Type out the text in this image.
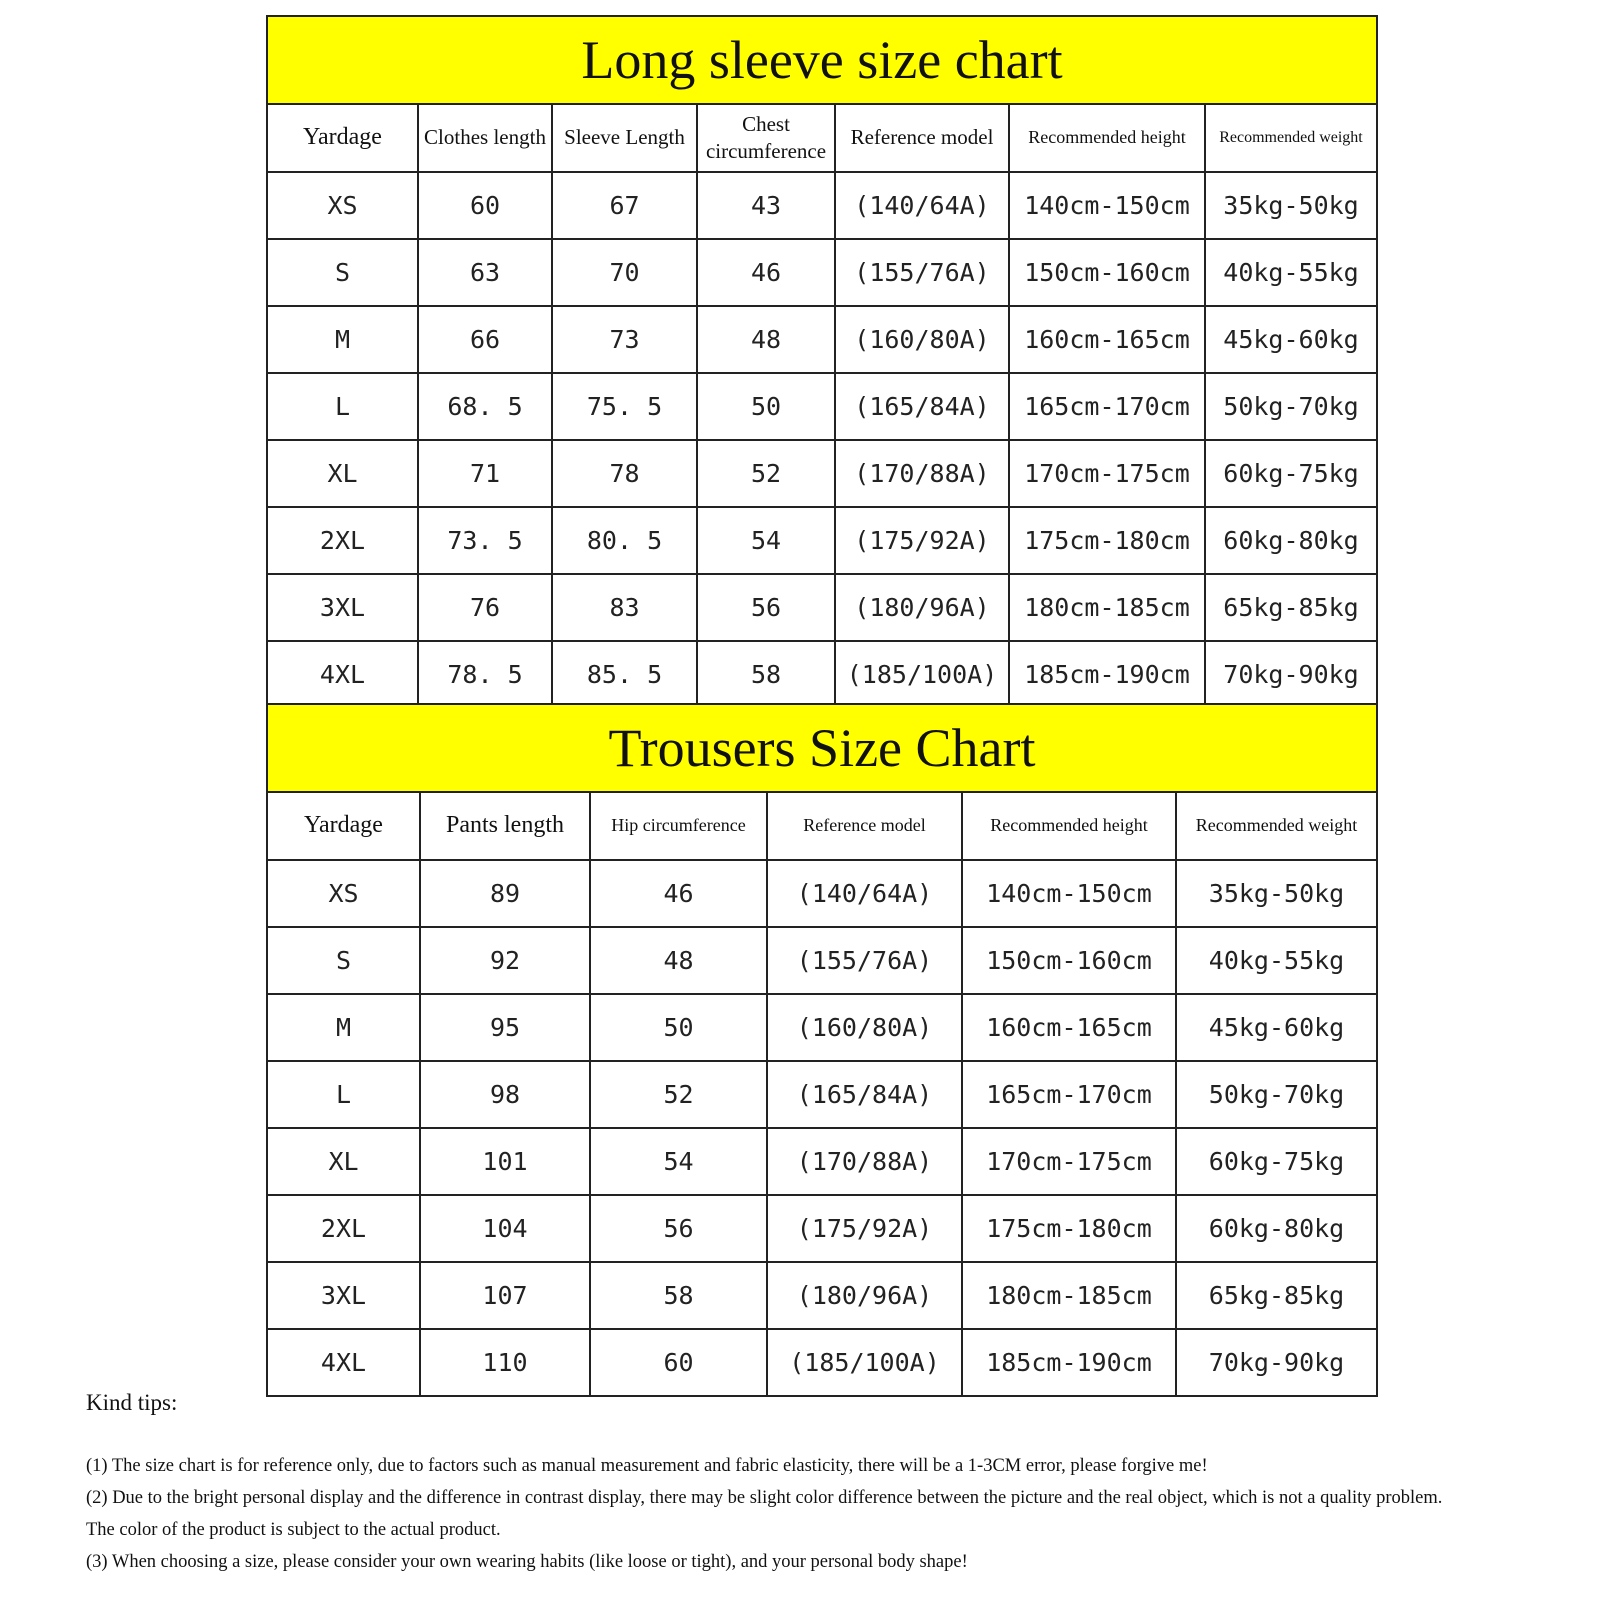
Long sleeve size chart
Yardage	Clothes length	Sleeve Length	Chest circumference	Reference model	Recommended height	Recommended weight
XS	60	67	43	(140/64A)	140cm-150cm	35kg-50kg
S	63	70	46	(155/76A)	150cm-160cm	40kg-55kg
M	66	73	48	(160/80A)	160cm-165cm	45kg-60kg
L	68. 5	75. 5	50	(165/84A)	165cm-170cm	50kg-70kg
XL	71	78	52	(170/88A)	170cm-175cm	60kg-75kg
2XL	73. 5	80. 5	54	(175/92A)	175cm-180cm	60kg-80kg
3XL	76	83	56	(180/96A)	180cm-185cm	65kg-85kg
4XL	78. 5	85. 5	58	(185/100A)	185cm-190cm	70kg-90kg
Trousers Size Chart
Yardage	Pants length	Hip circumference	Reference model	Recommended height	Recommended weight
XS	89	46	(140/64A)	140cm-150cm	35kg-50kg
S	92	48	(155/76A)	150cm-160cm	40kg-55kg
M	95	50	(160/80A)	160cm-165cm	45kg-60kg
L	98	52	(165/84A)	165cm-170cm	50kg-70kg
XL	101	54	(170/88A)	170cm-175cm	60kg-75kg
2XL	104	56	(175/92A)	175cm-180cm	60kg-80kg
3XL	107	58	(180/96A)	180cm-185cm	65kg-85kg
4XL	110	60	(185/100A)	185cm-190cm	70kg-90kg
Kind tips:

(1) The size chart is for reference only, due to factors such as manual measurement and fabric elasticity, there will be a 1-3CM error, please forgive me!

(2) Due to the bright personal display and the difference in contrast display, there may be slight color difference between the picture and the real object, which is not a quality problem.

The color of the product is subject to the actual product.

(3) When choosing a size, please consider your own wearing habits (like loose or tight), and your personal body shape!
